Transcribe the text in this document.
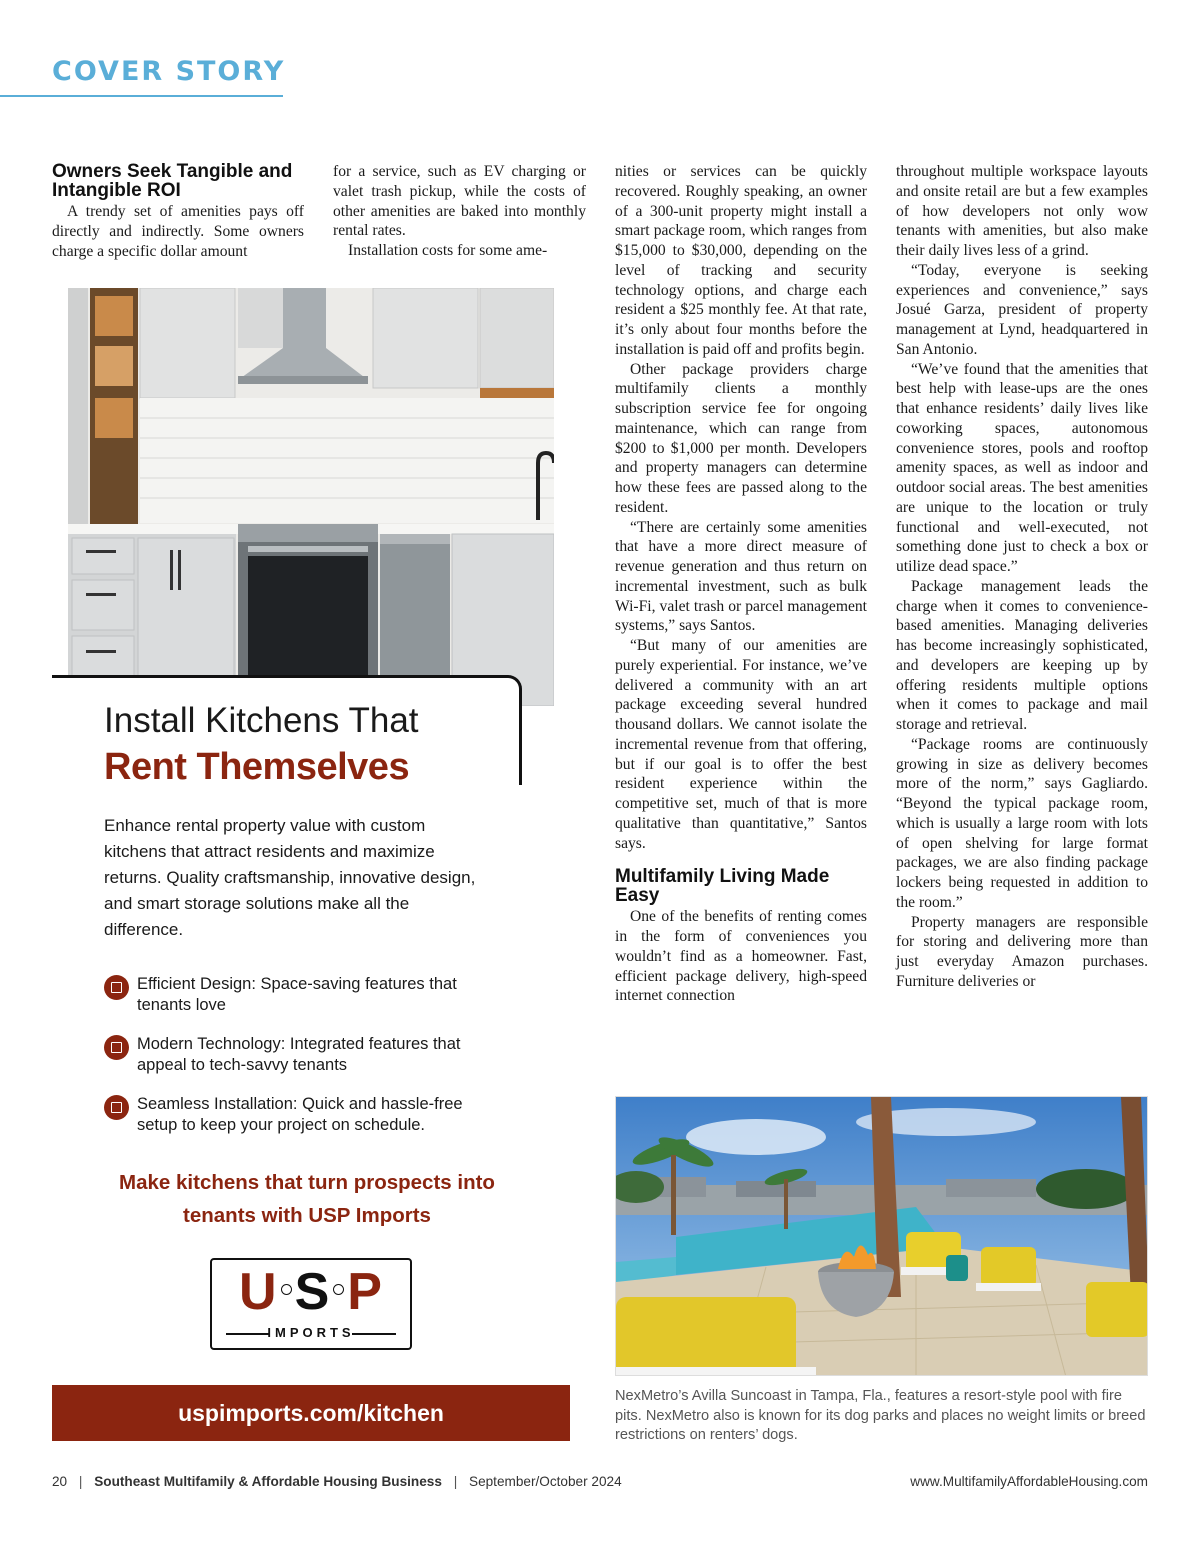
COVER STORY
Owners Seek Tangible and Intangible ROI

A trendy set of amenities pays off directly and indirectly. Some owners charge a specific dollar amount

for a service, such as EV charging or valet trash pickup, while the costs of other amenities are baked into monthly rental rates.

Installation costs for some ame-

nities or services can be quickly recovered. Roughly speaking, an owner of a 300-unit property might install a smart package room, which ranges from $15,000 to $30,000, depending on the level of tracking and security technology options, and charge each resident a $25 monthly fee. At that rate, it’s only about four months before the installation is paid off and profits begin.

Other package providers charge multifamily clients a monthly subscription service fee for ongoing maintenance, which can range from $200 to $1,000 per month. Developers and property managers can determine how these fees are passed along to the resident.

“There are certainly some amenities that have a more direct measure of revenue generation and thus return on incremental investment, such as bulk Wi-Fi, valet trash or parcel management systems,” says Santos.

“But many of our amenities are purely experiential. For instance, we’ve delivered a community with an art package exceeding several hundred thousand dollars. We cannot isolate the incremental revenue from that offering, but if our goal is to offer the best resident experience within the competitive set, much of that is more qualitative than quantitative,” Santos says.

Multifamily Living Made Easy

One of the benefits of renting comes in the form of conveniences you wouldn’t find as a homeowner. Fast, efficient package delivery, high-speed internet connection

throughout multiple workspace layouts and onsite retail are but a few examples of how developers not only wow tenants with amenities, but also make their daily lives less of a grind.

“Today, everyone is seeking experiences and convenience,” says Josué Garza, president of property management at Lynd, headquartered in San Antonio.

“We’ve found that the amenities that best help with lease-ups are the ones that enhance residents’ daily lives like coworking spaces, autonomous convenience stores, pools and rooftop amenity spaces, as well as indoor and outdoor social areas. The best amenities are unique to the location or truly functional and well-executed, not something done just to check a box or utilize dead space.”

Package management leads the charge when it comes to convenience-based amenities. Managing deliveries has become increasingly sophisticated, and developers are keeping up by offering residents multiple options when it comes to package and mail storage and retrieval.

“Package rooms are continuously growing in size as delivery becomes more of the norm,” says Gagliardo. “Beyond the typical package room, which is usually a large room with lots of open shelving for large format packages, we are also finding package lockers being requested in addition to the room.”

Property managers are responsible for storing and delivering more than just everyday Amazon purchases. Furniture deliveries or

Install Kitchens That
Rent Themselves
Enhance rental property value with custom kitchens that attract residents and maximize returns. Quality craftsmanship, innovative design, and smart storage solutions make all the difference.
Efficient Design: Space-saving features that tenants love
Modern Technology: Integrated features that appeal to tech-savvy tenants
Seamless Installation: Quick and hassle-free setup to keep your project on schedule.
Make kitchens that turn prospects into tenants with USP Imports
U S P
IMPORTS
uspimports.com/kitchen
NexMetro’s Avilla Suncoast in Tampa, Fla., features a resort-style pool with fire pits. NexMetro also is known for its dog parks and places no weight limits or breed restrictions on renters’ dogs.
20 | Southeast Multifamily & Affordable Housing Business | September/October 2024	www.MultifamilyAffordableHousing.com
